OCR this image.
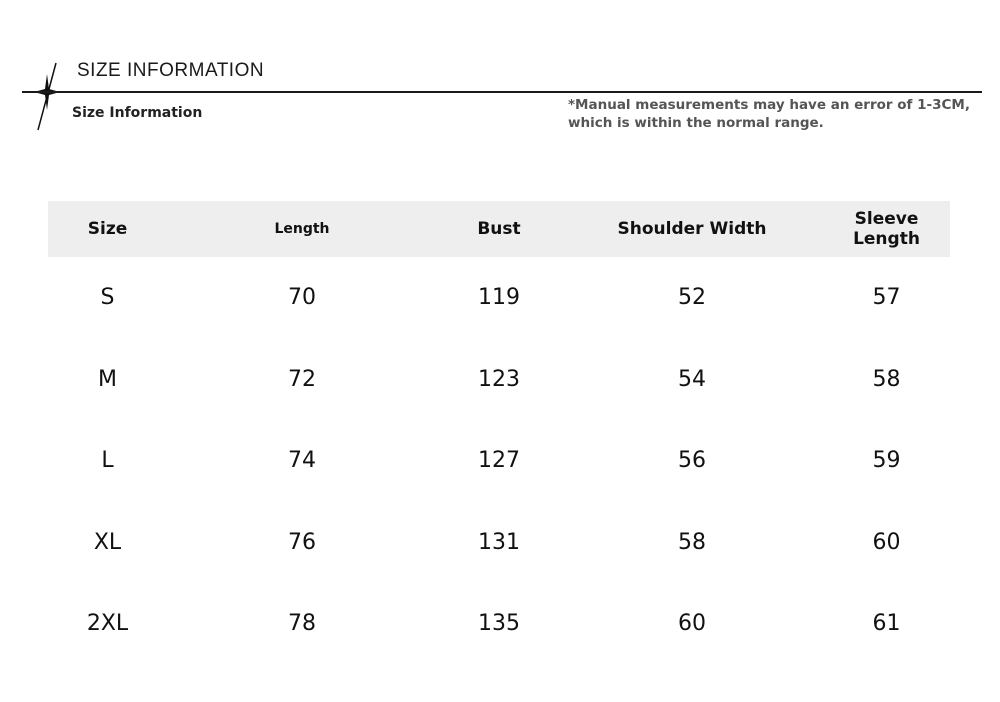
SIZE INFORMATION
Size Information	*Manual measurements may have an error of 1-3CM, which is within the normal range.
Size	Length	Bust	Shoulder Width	Sleeve Length
S	70	119	52	57
M	72	123	54	58
L	74	127	56	59
XL	76	131	58	60
2XL	78	135	60	61
